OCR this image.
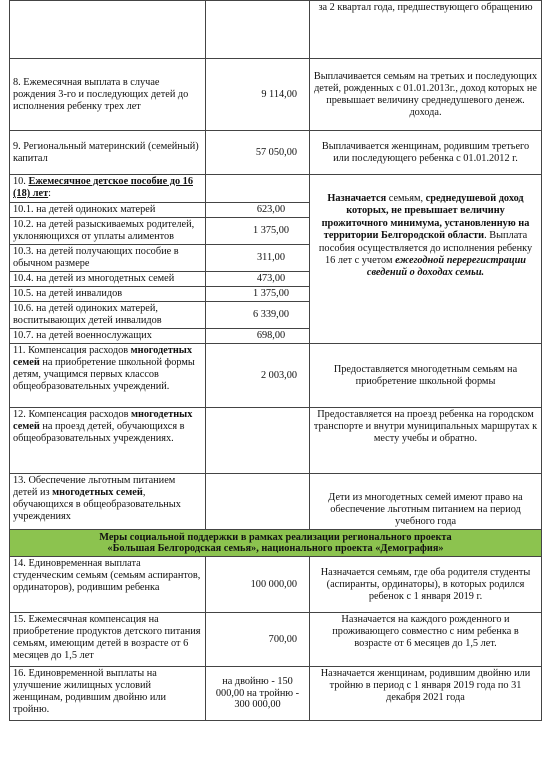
		за 2 квартал года, предшествующего обращению
8. Ежемесячная выплата в случае рождения 3-го и последующих детей до исполнения ребенку трех лет	9 114,00	Выплачивается семьям на третьих и последующих детей, рожденных с 01.01.2013г., доход которых не превышает величину среднедушевого денеж. дохода.
9. Региональный материнский (семейный) капитал	57 050,00	Выплачивается женщинам, родившим третьего или последующего ребенка с 01.01.2012 г.
10. Ежемесячное детское пособие до 16 (18) лет:		Назначается семьям, среднедушевой доход которых, не превышает величину прожиточного минимума, установленную на территории Белгородской области. Выплата пособия осуществляется до исполнения ребенку 16 лет с учетом ежегодной перерегистрации сведений о доходах семьи.
10.1. на детей одиноких матерей	623,00	
10.2. на детей разыскиваемых родителей, уклоняющихся от уплаты алиментов	1 375,00	
10.3. на детей получающих пособие в обычном размере	311,00	
10.4. на детей из многодетных семей	473,00	
10.5. на детей инвалидов	1 375,00	
10.6. на детей одиноких матерей, воспитывающих детей инвалидов	6 339,00	
10.7. на детей военнослужащих	698,00	
11. Компенсация расходов многодетных семей на приобретение школьной формы детям, учащимся первых классов общеобразовательных учреждений.	2 003,00	Предоставляется многодетным семьям на приобретение школьной формы
12. Компенсация расходов многодетных семей на проезд детей, обучающихся в общеобразовательных учреждениях.		Предоставляется на проезд ребенка на городском транспорте и внутри муниципальных маршрутах к месту учебы и обратно.
13. Обеспечение льготным питанием детей из многодетных семей, обучающихся в общеобразовательных учреждениях		Дети из многодетных семей имеют право на обеспечение льготным питанием на период учебного года

Меры социальной поддержки в рамках реализации регионального проекта
«Большая Белгородская семья», национального проекта «Демография»		

14. Единовременная выплата студенческим семьям (семьям аспирантов, ординаторов), родившим ребенка	100 000,00	Назначается семьям, где оба родителя студенты (аспиранты, ординаторы), в которых родился ребенок с 1 января 2019 г.
15. Ежемесячная компенсация на приобретение продуктов детского питания семьям, имеющим детей в возрасте от 6 месяцев до 1,5 лет	700,00	Назначается на каждого рожденного и проживающего совместно с ним ребенка в возрасте от 6 месяцев до 1,5 лет.
16. Единовременной выплаты на улучшение жилищных условий женщинам, родившим двойню или тройню.	на двойню - 150 000,00 на тройню - 300 000,00	Назначается женщинам, родившим двойню или тройню в период с 1 января 2019 года по 31 декабря 2021 года
